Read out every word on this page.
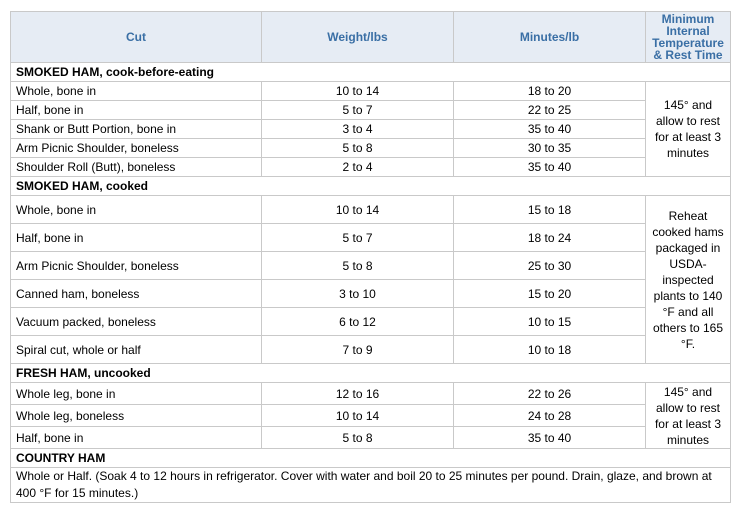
Cut	Weight/lbs	Minutes/lb	Minimum Internal Temperature & Rest Time
SMOKED HAM, cook-before-eating			
Whole, bone in	10 to 14	18 to 20	145° and allow to rest for at least 3 minutes
Half, bone in	5 to 7	22 to 25	
Shank or Butt Portion, bone in	3 to 4	35 to 40	
Arm Picnic Shoulder, boneless	5 to 8	30 to 35	
Shoulder Roll (Butt), boneless	2 to 4	35 to 40	
SMOKED HAM, cooked			
Whole, bone in	10 to 14	15 to 18	Reheat cooked hams packaged in USDA-inspected plants to 140 °F and all others to 165 °F.
Half, bone in	5 to 7	18 to 24	
Arm Picnic Shoulder, boneless	5 to 8	25 to 30	
Canned ham, boneless	3 to 10	15 to 20	
Vacuum packed, boneless	6 to 12	10 to 15	
Spiral cut, whole or half	7 to 9	10 to 18	
FRESH HAM, uncooked			
Whole leg, bone in	12 to 16	22 to 26	145° and allow to rest for at least 3 minutes
Whole leg, boneless	10 to 14	24 to 28	
Half, bone in	5 to 8	35 to 40	
COUNTRY HAM			
Whole or Half. (Soak 4 to 12 hours in refrigerator. Cover with water and boil 20 to 25 minutes per pound. Drain, glaze, and brown at 400 °F for 15 minutes.)			
